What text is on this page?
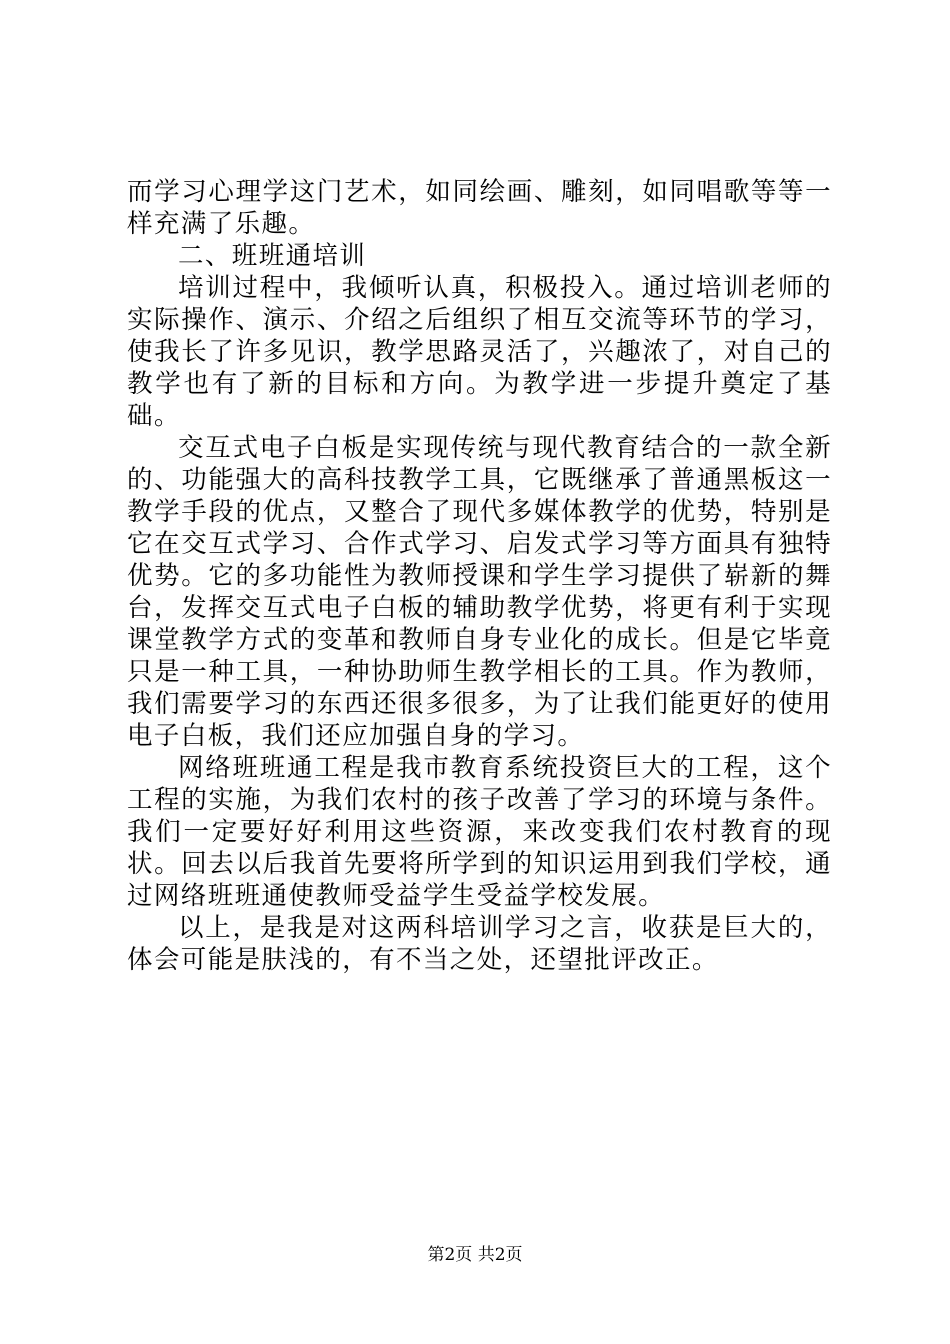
而学习心理学这门艺术，如同绘画、雕刻，如同唱歌等等一样充满了乐趣。

二、班班通培训

培训过程中，我倾听认真，积极投入。通过培训老师的实际操作、演示、介绍之后组织了相互交流等环节的学习，使我长了许多见识，教学思路灵活了，兴趣浓了，对自己的教学也有了新的目标和方向。为教学进一步提升奠定了基础。

交互式电子白板是实现传统与现代教育结合的一款全新的、功能强大的高科技教学工具，它既继承了普通黑板这一教学手段的优点，又整合了现代多媒体教学的优势，特别是它在交互式学习、合作式学习、启发式学习等方面具有独特优势。它的多功能性为教师授课和学生学习提供了崭新的舞台，发挥交互式电子白板的辅助教学优势，将更有利于实现课堂教学方式的变革和教师自身专业化的成长。但是它毕竟只是一种工具，一种协助师生教学相长的工具。作为教师，我们需要学习的东西还很多很多，为了让我们能更好的使用电子白板，我们还应加强自身的学习。

网络班班通工程是我市教育系统投资巨大的工程，这个工程的实施，为我们农村的孩子改善了学习的环境与条件。我们一定要好好利用这些资源，来改变我们农村教育的现状。回去以后我首先要将所学到的知识运用到我们学校，通过网络班班通使教师受益学生受益学校发展。

以上，是我是对这两科培训学习之言，收获是巨大的，体会可能是肤浅的，有不当之处，还望批评改正。

第2页 共2页
